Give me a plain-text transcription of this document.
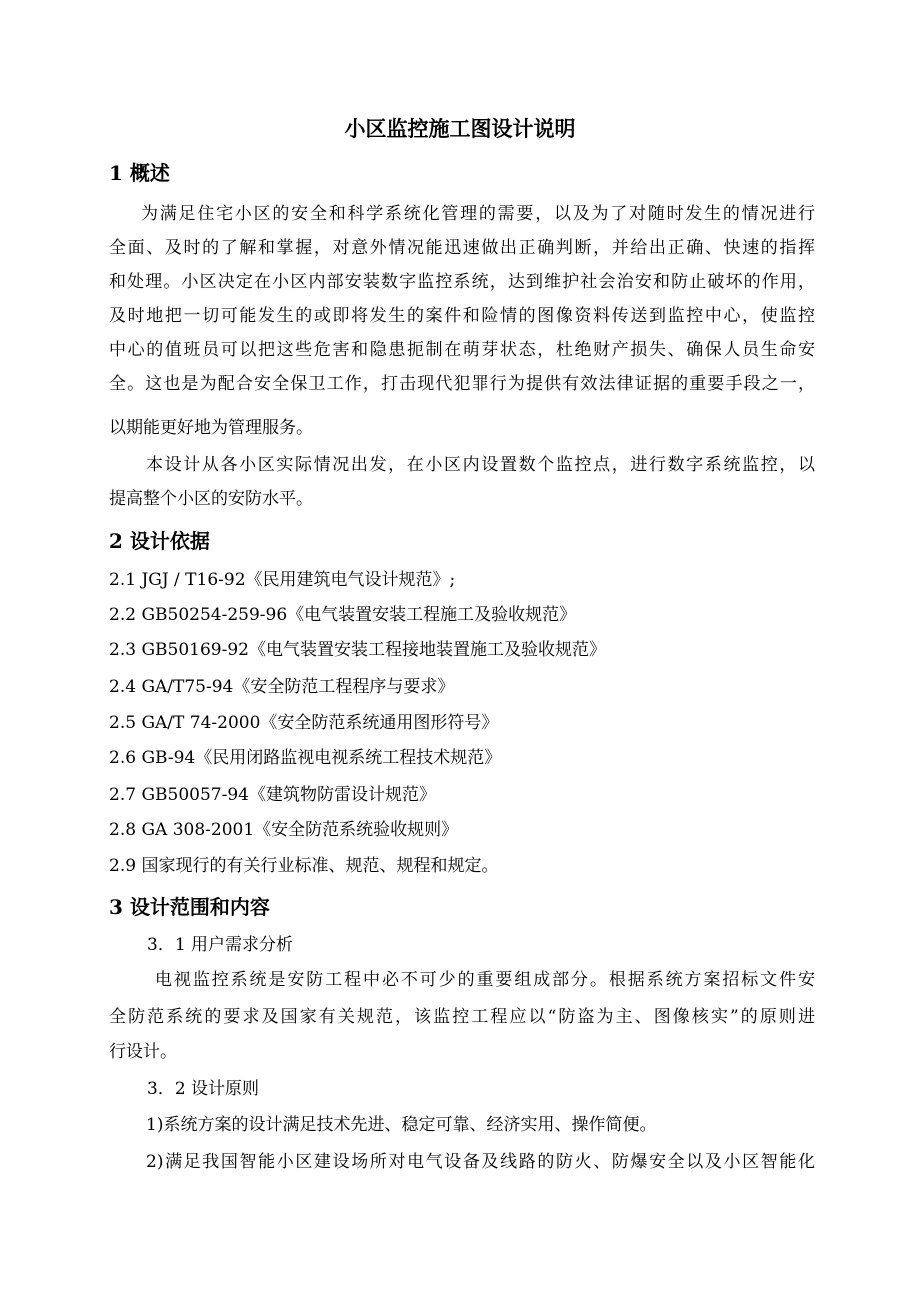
小区监控施工图设计说明
1 概述
为满足住宅小区的安全和科学系统化管理的需要，以及为了对随时发生的情况进行
全面、及时的了解和掌握，对意外情况能迅速做出正确判断，并给出正确、快速的指挥
和处理。小区决定在小区内部安装数字监控系统，达到维护社会治安和防止破坏的作用，
及时地把一切可能发生的或即将发生的案件和险情的图像资料传送到监控中心，使监控
中心的值班员可以把这些危害和隐患扼制在萌芽状态，杜绝财产损失、确保人员生命安
全。这也是为配合安全保卫工作，打击现代犯罪行为提供有效法律证据的重要手段之一，
以期能更好地为管理服务。
本设计从各小区实际情况出发，在小区内设置数个监控点，进行数字系统监控，以
提高整个小区的安防水平。
2 设计依据
2.1 JGJ / T16-92《民用建筑电气设计规范》;
2.2 GB50254-259-96《电气装置安装工程施工及验收规范》
2.3 GB50169-92《电气装置安装工程接地装置施工及验收规范》
2.4 GA/T75-94《安全防范工程程序与要求》
2.5 GA/T 74-2000《安全防范系统通用图形符号》
2.6 GB-94《民用闭路监视电视系统工程技术规范》
2.7 GB50057-94《建筑物防雷设计规范》
2.8 GA 308-2001《安全防范系统验收规则》
2.9 国家现行的有关行业标准、规范、规程和规定。
3 设计范围和内容
3．1 用户需求分析
电视监控系统是安防工程中必不可少的重要组成部分。根据系统方案招标文件安
全防范系统的要求及国家有关规范，该监控工程应以“防盗为主、图像核实”的原则进
行设计。
3．2 设计原则
1)系统方案的设计满足技术先进、稳定可靠、经济实用、操作简便。
2)满足我国智能小区建设场所对电气设备及线路的防火、防爆安全以及小区智能化
